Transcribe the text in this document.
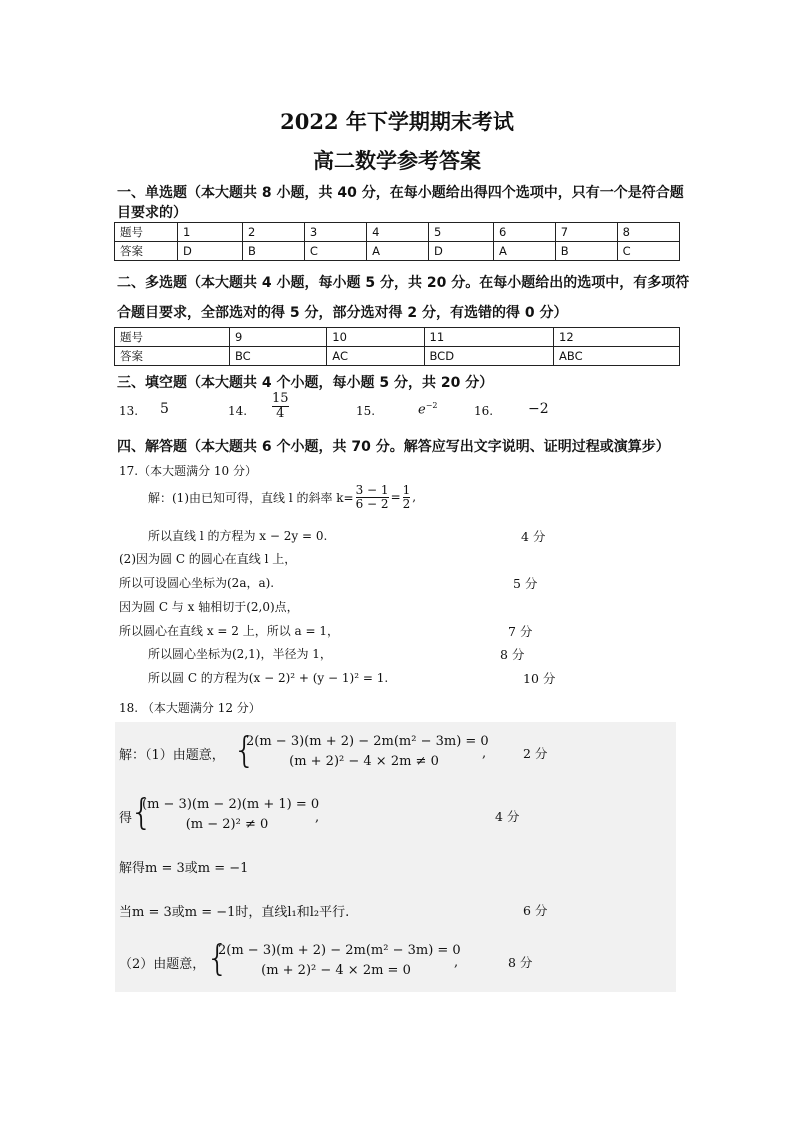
2022 年下学期期末考试
高二数学参考答案
一、单选题（本大题共 8 小题，共 40 分，在每小题给出得四个选项中，只有一个是符合题
目要求的）
题号	1	2	3	4	5	6	7	8
答案	D	B	C	A	D	A	B	C
二、多选题（本大题共 4 小题，每小题 5 分，共 20 分。在每小题给出的选项中，有多项符
合题目要求，全部选对的得 5 分，部分选对得 2 分，有选错的得 0 分）
题号	9	10	11	12
答案	BC	AC	BCD	ABC
三、填空题（本大题共 4 个小题，每小题 5 分，共 20 分）
13. 5	14. $\frac{15}{4}$	15.	$e^{-2}$	16. −2
四、解答题（本大题共 6 个小题，共 70 分。解答应写出文字说明、证明过程或演算步）
17.（本大题满分 10 分）
解：(1)由已知可得，直线 l 的斜率 $k= \frac{3 - 1}{6 - 2} = \frac{1}{2}$ ,
所以直线 l 的方程为 x − 2y = 0.	4 分
(2)因为圆 C 的圆心在直线 l 上，
所以可设圆心坐标为(2a，a).	5 分
因为圆 C 与 x 轴相切于(2,0)点，
所以圆心在直线 x = 2 上，所以 a = 1，	7 分
所以圆心坐标为(2,1)，半径为 1，	8 分
所以圆 C 的方程为(x − 2)² + (y − 1)² = 1.	10 分
18. （本大题满分 12 分）
解：（1）由题意， {
2(m − 3)(m + 2) − 2m(m² − 3m) = 0
(m + 2)² − 4 × 2m ≠ 0
,	2 分
得
{
(m − 3)(m − 2)(m + 1) = 0
(m − 2)² ≠ 0	,	4 分
解得m = 3或m = −1
当m = 3或m = −1时，直线l₁和l₂平行.	6 分
（2）由题意， {
2(m − 3)(m + 2) − 2m(m² − 3m) = 0
(m + 2)² − 4 × 2m = 0
,	8 分
